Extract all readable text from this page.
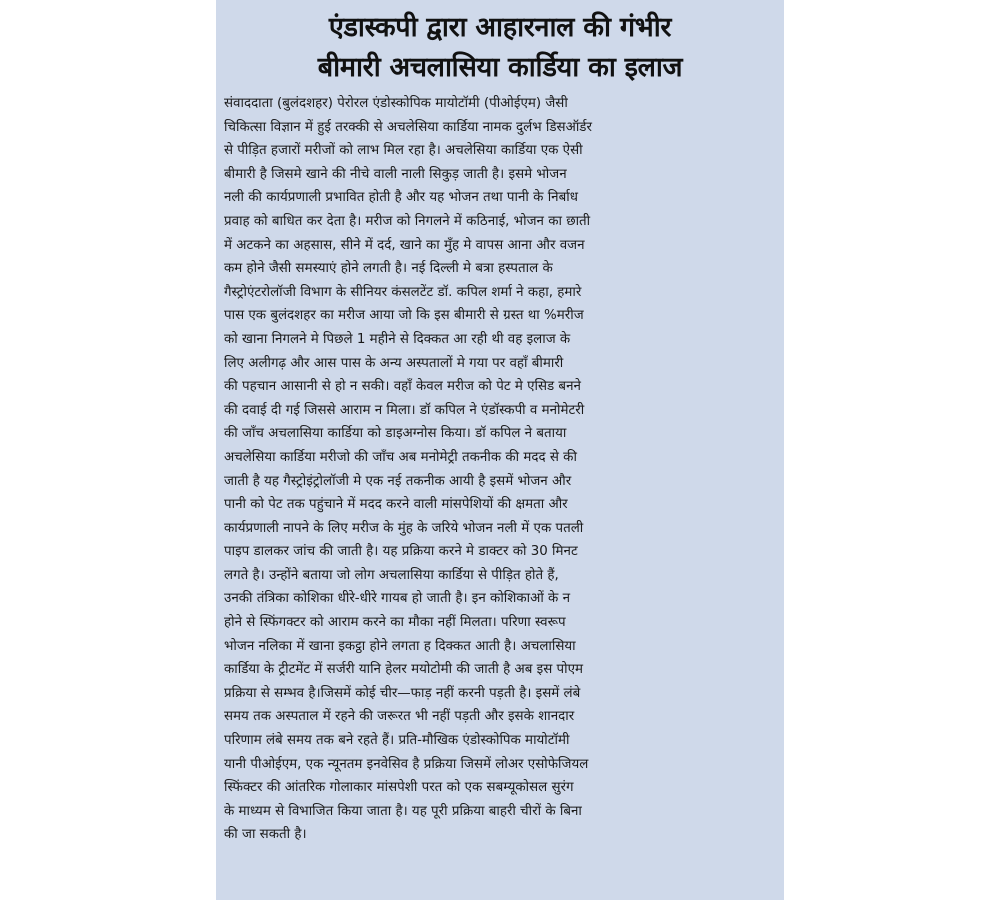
एंडास्कपी द्वारा आहारनाल की गंभीर
बीमारी अचलासिया कार्डिया का इलाज
संवाददाता (बुलंदशहर) पेरोरल एंडोस्कोपिक मायोटॉमी (पीओईएम) जैसी
चिकित्सा विज्ञान में हुई तरक्की से अचलेसिया कार्डिया नामक दुर्लभ डिसऑर्डर
से पीड़ित हजारों मरीजों को लाभ मिल रहा है। अचलेसिया कार्डिया एक ऐसी
बीमारी है जिसमे खाने की नीचे वाली नाली सिकुड़ जाती है। इसमे भोजन
नली की कार्यप्रणाली प्रभावित होती है और यह भोजन तथा पानी के निर्बाध
प्रवाह को बाधित कर देता है। मरीज को निगलने में कठिनाई, भोजन का छाती
में अटकने का अहसास, सीने में दर्द, खाने का मुँह मे वापस आना और वजन
कम होने जैसी समस्याएं होने लगती है। नई दिल्ली मे बत्रा हस्पताल के
गैस्ट्रोएंटरोलॉजी विभाग के सीनियर कंसलटेंट डॉ. कपिल शर्मा ने कहा, हमारे
पास एक बुलंदशहर का मरीज आया जो कि इस बीमारी से ग्रस्त था %मरीज
को खाना निगलने मे पिछले 1 महीने से दिक्कत आ रही थी वह इलाज के
लिए अलीगढ़ और आस पास के अन्य अस्पतालों मे गया पर वहाँ बीमारी
की पहचान आसानी से हो न सकी। वहाँ केवल मरीज को पेट मे एसिड बनने
की दवाई दी गई जिससे आराम न मिला। डॉ कपिल ने एंडॉस्कपी व मनोमेटरी
की जाँच अचलासिया कार्डिया को डाइअग्नोस किया। डॉ कपिल ने बताया
अचलेसिया कार्डिया मरीजो की जाँच अब मनोमेट्री तकनीक की मदद से की
जाती है यह गैस्ट्रोइंट्रोलॉजी मे एक नई तकनीक आयी है इसमें भोजन और
पानी को पेट तक पहुंचाने में मदद करने वाली मांसपेशियों की क्षमता और
कार्यप्रणाली नापने के लिए मरीज के मुंह के जरिये भोजन नली में एक पतली
पाइप डालकर जांच की जाती है। यह प्रक्रिया करने मे डाक्टर को 30 मिनट
लगते है। उन्होंने बताया जो लोग अचलासिया कार्डिया से पीड़ित होते हैं,
उनकी तंत्रिका कोशिका धीरे-धीरे गायब हो जाती है। इन कोशिकाओं के न
होने से स्फिंगक्टर को आराम करने का मौका नहीं मिलता। परिणा स्वरूप
भोजन नलिका में खाना इकट्ठा होने लगता ह दिक्कत आती है। अचलासिया
कार्डिया के ट्रीटमेंट में सर्जरी यानि हेलर मयोटोमी की जाती है अब इस पोएम
प्रक्रिया से सम्भव है।जिसमें कोई चीर—फाड़ नहीं करनी पड़ती है। इसमें लंबे
समय तक अस्पताल में रहने की जरूरत भी नहीं पड़ती और इसके शानदार
परिणाम लंबे समय तक बने रहते हैं। प्रति-मौखिक एंडोस्कोपिक मायोटॉमी
यानी पीओईएम, एक न्यूनतम इनवेसिव है प्रक्रिया जिसमें लोअर एसोफेजियल
स्फिंक्टर की आंतरिक गोलाकार मांसपेशी परत को एक सबम्यूकोसल सुरंग
के माध्यम से विभाजित किया जाता है। यह पूरी प्रक्रिया बाहरी चीरों के बिना
की जा सकती है।
